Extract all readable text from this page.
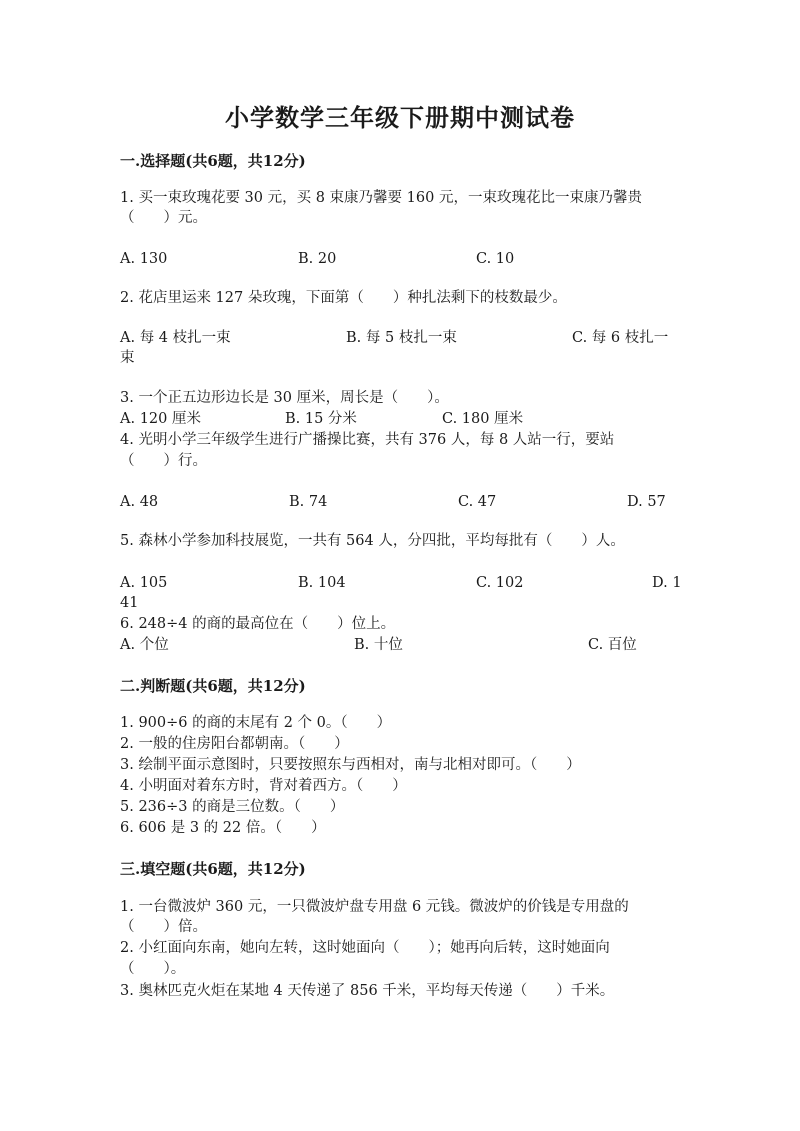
小学数学三年级下册期中测试卷
一.选择题(共6题，共12分)
1. 买一束玫瑰花要 30 元，买 8 束康乃馨要 160 元，一束玫瑰花比一束康乃馨贵
（　　）元。
A. 130	B. 20	C. 10
2. 花店里运来 127 朵玫瑰，下面第（　　）种扎法剩下的枝数最少。
A. 每 4 枝扎一束	B. 每 5 枝扎一束	C. 每 6 枝扎一
束
3. 一个正五边形边长是 30 厘米，周长是（　　）。
A. 120 厘米	B. 15 分米	C. 180 厘米
4. 光明小学三年级学生进行广播操比赛，共有 376 人，每 8 人站一行，要站
（　　）行。
A. 48	B. 74	C. 47	D. 57
5. 森林小学参加科技展览，一共有 564 人，分四批，平均每批有（　　）人。
A. 105	B. 104	C. 102	D. 1
41
6. 248÷4 的商的最高位在（　　）位上。
A. 个位	B. 十位	C. 百位
二.判断题(共6题，共12分)
1. 900÷6 的商的末尾有 2 个 0。（　　）
2. 一般的住房阳台都朝南。（　　）
3. 绘制平面示意图时，只要按照东与西相对，南与北相对即可。（　　）
4. 小明面对着东方时，背对着西方。（　　）
5. 236÷3 的商是三位数。（　　）
6. 606 是 3 的 22 倍。（　　）
三.填空题(共6题，共12分)
1. 一台微波炉 360 元，一只微波炉盘专用盘 6 元钱。微波炉的价钱是专用盘的
（　　）倍。
2. 小红面向东南，她向左转，这时她面向（　　）；她再向后转，这时她面向
（　　）。
3. 奥林匹克火炬在某地 4 天传递了 856 千米，平均每天传递（　　）千米。
